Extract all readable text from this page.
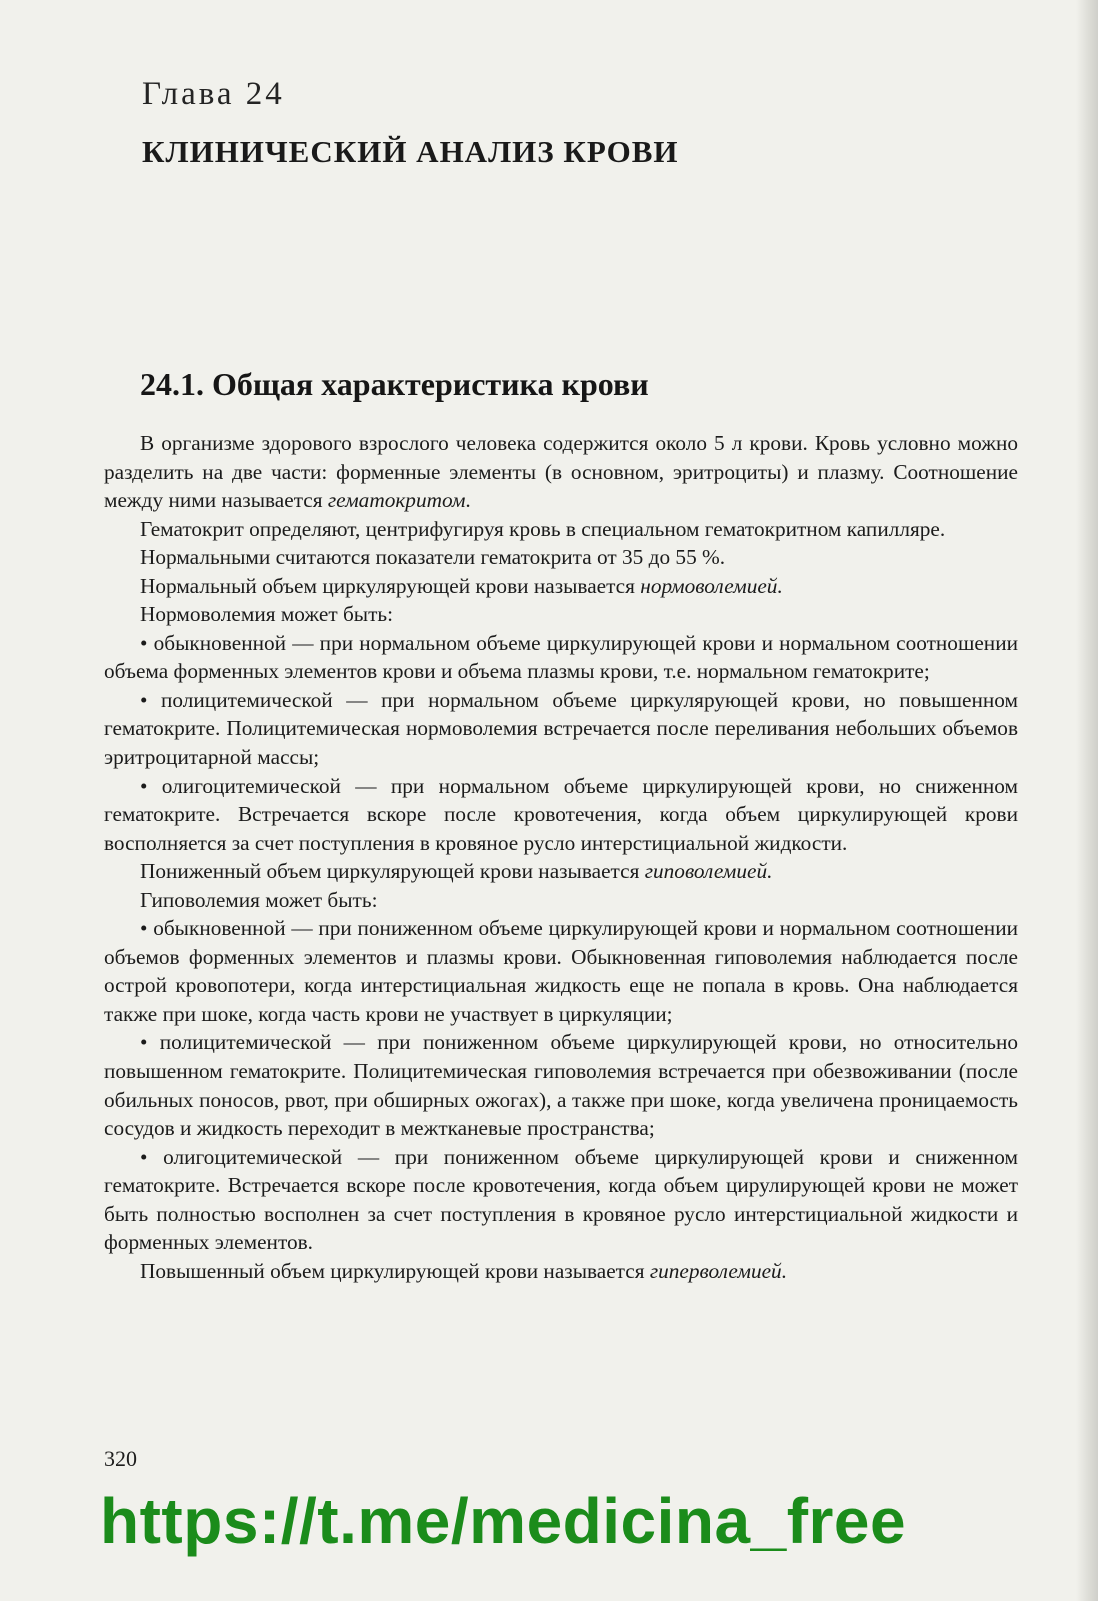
Глава 24
КЛИНИЧЕСКИЙ АНАЛИЗ КРОВИ
24.1. Общая характеристика крови

В организме здорового взрослого человека содержится около 5 л крови. Кровь условно можно разделить на две части: форменные элементы (в основном, эритроциты) и плазму. Соотношение между ними называется гематокритом.

Гематокрит определяют, центрифугируя кровь в специальном гематокритном капилляре.

Нормальными считаются показатели гематокрита от 35 до 55 %.

Нормальный объем циркулярующей крови называется нормоволемией.

Нормоволемия может быть:

• обыкновенной — при нормальном объеме циркулирующей крови и нормальном соотношении объема форменных элементов крови и объема плазмы крови, т.е. нормальном гематокрите;

• полицитемической — при нормальном объеме циркулярующей крови, но повышенном гематокрите. Полицитемическая нормоволемия встречается после переливания небольших объемов эритроцитарной массы;

• олигоцитемической — при нормальном объеме циркулирующей крови, но сниженном гематокрите. Встречается вскоре после кровотечения, когда объем циркулирующей крови восполняется за счет поступления в кровяное русло интерстициальной жидкости.

Пониженный объем циркулярующей крови называется гиповолемией.

Гиповолемия может быть:

• обыкновенной — при пониженном объеме циркулирующей крови и нормальном соотношении объемов форменных элементов и плазмы крови. Обыкновенная гиповолемия наблюдается после острой кровопотери, когда интерстициальная жидкость еще не попала в кровь. Она наблюдается также при шоке, когда часть крови не участвует в циркуляции;

• полицитемической — при пониженном объеме циркулирующей крови, но относительно повышенном гематокрите. Полицитемическая гиповолемия встречается при обезвоживании (после обильных поносов, рвот, при обширных ожогах), а также при шоке, когда увеличена проницаемость сосудов и жидкость переходит в межтканевые пространства;

• олигоцитемической — при пониженном объеме циркулирующей крови и сниженном гематокрите. Встречается вскоре после кровотечения, когда объем цирулирующей крови не может быть полностью восполнен за счет поступления в кровяное русло интерстициальной жидкости и форменных элементов.

Повышенный объем циркулирующей крови называется гиперволемией.

320
https://t.me/medicina_free
